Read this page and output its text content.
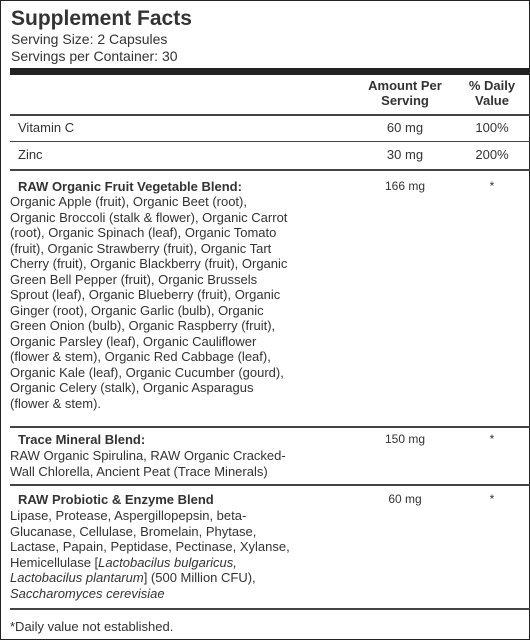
Supplement Facts
Serving Size: 2 Capsules
Servings per Container: 30
Amount Per
Serving
% Daily
Value
Vitamin C	60 mg	100%
Zinc	30 mg	200%
RAW Organic Fruit Vegetable Blend:	166 mg	*
Organic Apple (fruit), Organic Beet (root),
Organic Broccoli (stalk & flower), Organic Carrot
(root), Organic Spinach (leaf), Organic Tomato
(fruit), Organic Strawberry (fruit), Organic Tart
Cherry (fruit), Organic Blackberry (fruit), Organic
Green Bell Pepper (fruit), Organic Brussels
Sprout (leaf), Organic Blueberry (fruit), Organic
Ginger (root), Organic Garlic (bulb), Organic
Green Onion (bulb), Organic Raspberry (fruit),
Organic Parsley (leaf), Organic Cauliflower
(flower & stem), Organic Red Cabbage (leaf),
Organic Kale (leaf), Organic Cucumber (gourd),
Organic Celery (stalk), Organic Asparagus
(flower & stem).
Trace Mineral Blend:	150 mg	*
RAW Organic Spirulina, RAW Organic Cracked-
Wall Chlorella, Ancient Peat (Trace Minerals)
RAW Probiotic & Enzyme Blend	60 mg	*
Lipase, Protease, Aspergillopepsin, beta-
Glucanase, Cellulase, Bromelain, Phytase,
Lactase, Papain, Peptidase, Pectinase, Xylanse,
Hemicellulase [Lactobacilus bulgaricus,
Lactobacilus plantarum] (500 Million CFU),
Saccharomyces cerevisiae
*Daily value not established.
